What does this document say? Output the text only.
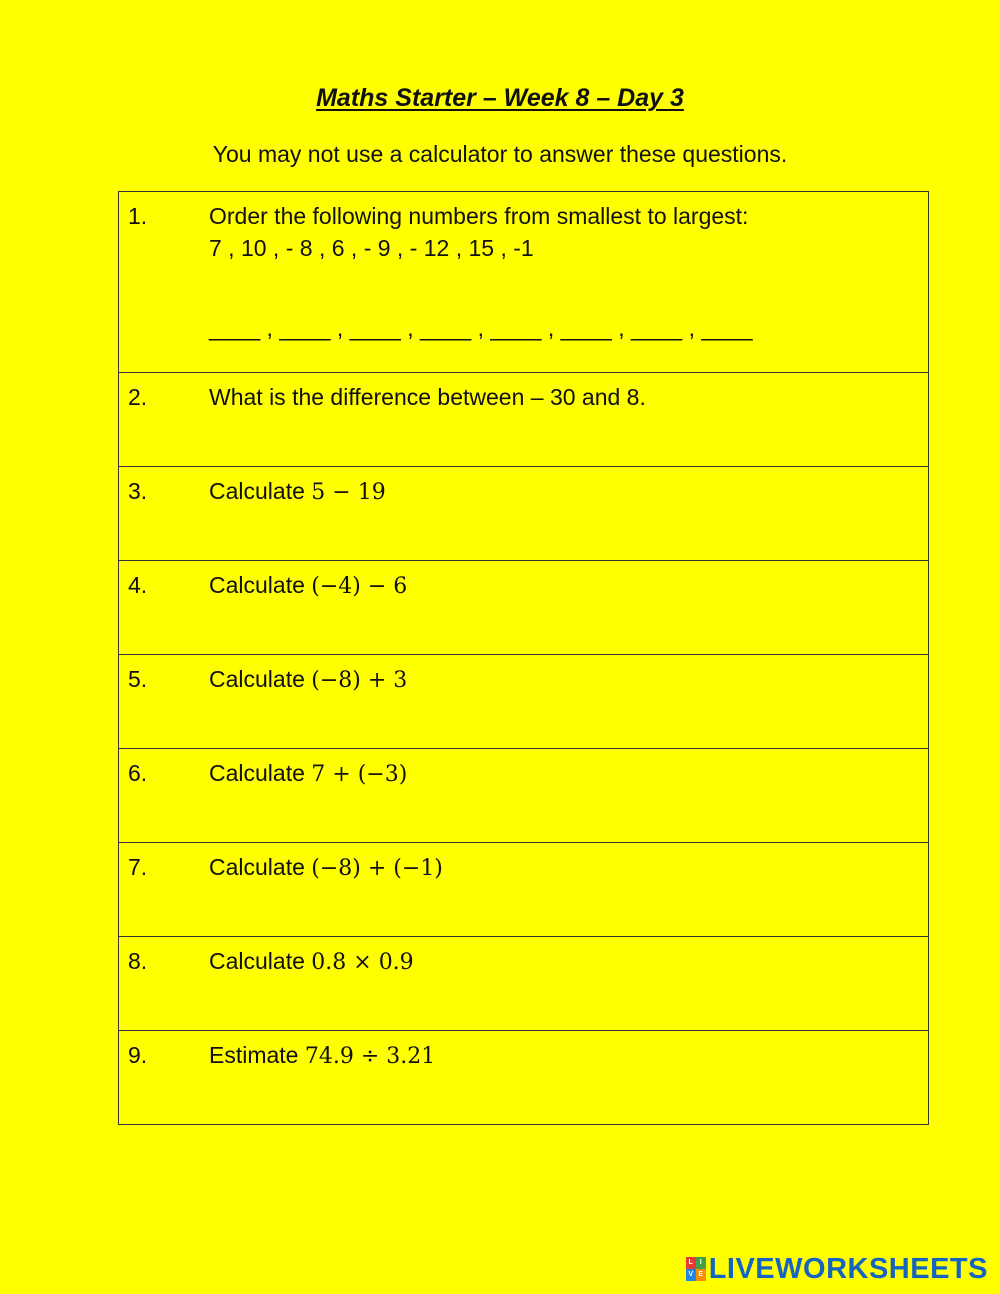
Maths Starter – Week 8 – Day 3
You may not use a calculator to answer these questions.
1.	Order the following numbers from smallest to largest:
7 , 10 , - 8 , 6 , - 9 , - 12 , 15 , -1
____ , ____ , ____ , ____ , ____ , ____ , ____ , ____

2.	What is the difference between – 30 and 8.

3.	Calculate 5 − 19

4.	Calculate (−4) − 6

5.	Calculate (−8) + 3

6.	Calculate 7 + (−3)

7.	Calculate (−8) + (−1)

8.	Calculate 0.8 × 0.9

9.	Estimate 74.9 ÷ 3.21
L I
V E LIVEWORKSHEETS
